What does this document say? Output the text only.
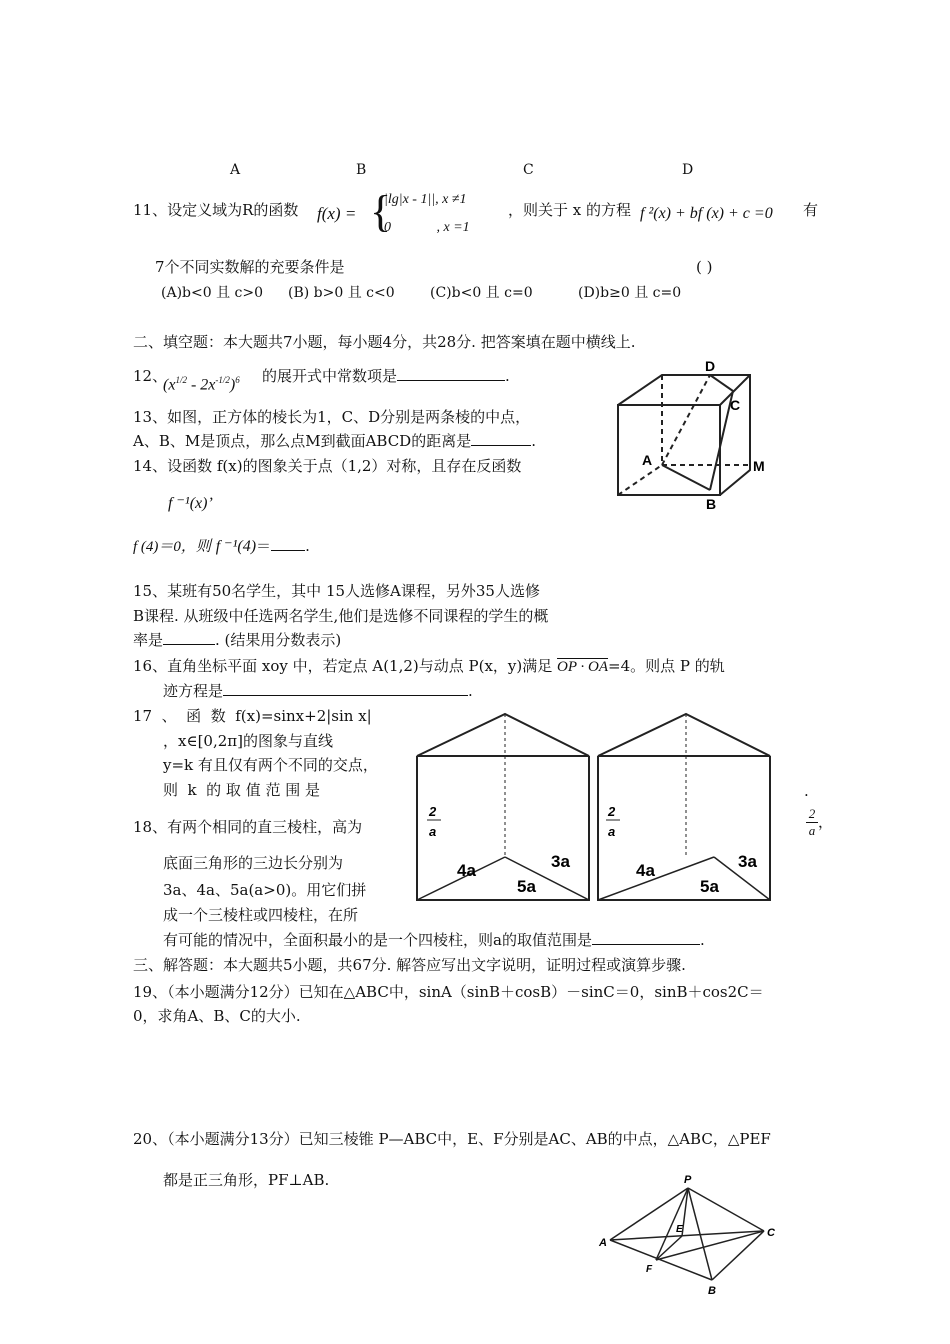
A	B	C	D
11、设定义域为R的函数 f(x) = {
|lg|x - 1||, x ≠1
0             , x =1
，则关于 x 的方程 f ²(x) + bf (x) + c =0 有
7个不同实数解的充要条件是	( )
(A)b<0 且 c>0 (B) b>0 且 c<0	(C)b<0 且 c=0	(D)b≥0 且 c=0
二、填空题：本大题共7小题，每小题4分，共28分. 把答案填在题中横线上.
12、
$(x^{1/2} - 2x^{-1/2})^6$ 的展开式中常数项是	.
13、如图，正方体的棱长为1，C、D分别是两条棱的中点，
A、B、M是顶点，那么点M到截面ABCD的距离是	.
D
C
A
B
M
14、设函数 f(x)的图象关于点（1,2）对称，且存在反函数
f ⁻¹(x)’
f (4)＝0，则 f ⁻¹(4)＝ .
15、某班有50名学生，其中 15人选修A课程，另外35人选修
B课程. 从班级中任选两名学生,他们是选修不同课程的学生的概
率是	. (结果用分数表示)
16、直角坐标平面 xoy 中，若定点 A(1,2)与动点 P(x，y)满足 OP · OA=4。则点 P 的轨
迹方程是	.
17  、  函  数  f(x)=sinx+2|sin x|
，x∈[0,2π]的图象与直线
y=k 有且仅有两个不同的交点，
则  k  的 取 值 范 围 是
18、有两个相同的直三棱柱，高为
底面三角形的三边长分别为
3a、4a、5a(a>0)。用它们拼
成一个三棱柱或四棱柱，在所
有可能的情况中，全面积最小的是一个四棱柱，则a的取值范围是	.
.
$\frac{2}{a}$ ，
2
a
4a	3a
5a
2
a
4a	3a
5a
三、解答题：本大题共5小题，共67分. 解答应写出文字说明，证明过程或演算步骤.
19、（本小题满分12分）已知在△ABC中，sinA（sinB＋cosB）－sinC＝0，sinB＋cos2C＝
0，求角A、B、C的大小.
20、（本小题满分13分）已知三棱锥 P—ABC中，E、F分别是AC、AB的中点，△ABC，△PEF
都是正三角形，PF⊥AB.	P
A
B
C
E
F
